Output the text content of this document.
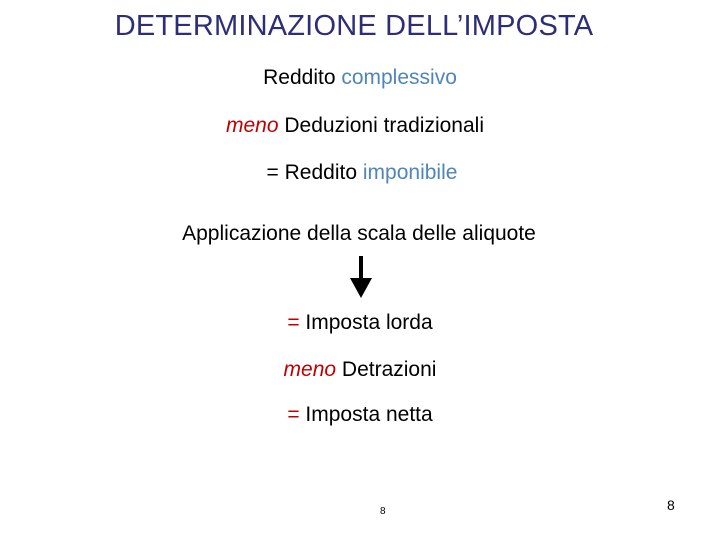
DETERMINAZIONE DELL’IMPOSTA
Reddito complessivo
meno Deduzioni tradizionali
= Reddito imponibile
Applicazione della scala delle aliquote
= Imposta lorda
meno Detrazioni
= Imposta netta
8	8
